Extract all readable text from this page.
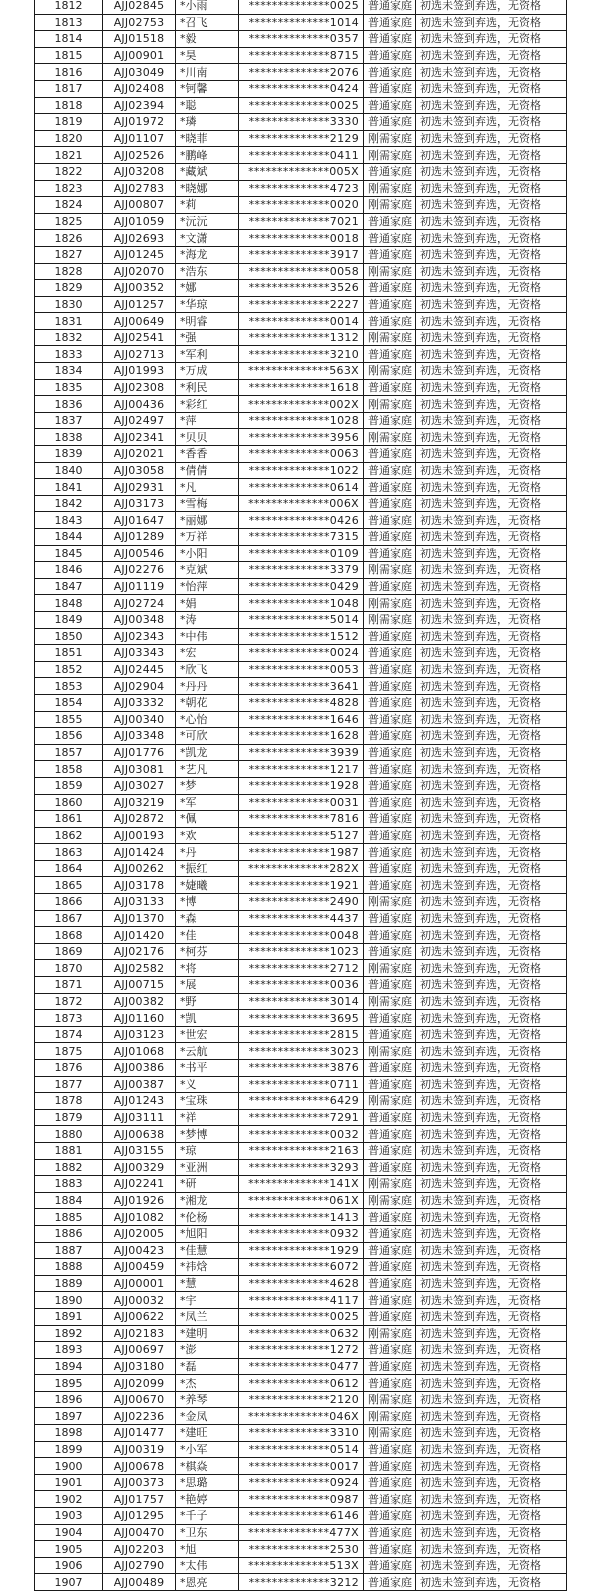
1812	AJJ02845	*小雨	**************0025	普通家庭	初选未签到弃选，无资格
1813	AJJ02753	*召飞	**************1014	普通家庭	初选未签到弃选，无资格
1814	AJJ01518	*毅	**************0357	普通家庭	初选未签到弃选，无资格
1815	AJJ00901	*昊	**************8715	普通家庭	初选未签到弃选，无资格
1816	AJJ03049	*川南	**************2076	普通家庭	初选未签到弃选，无资格
1817	AJJ02408	*钶馨	**************0424	普通家庭	初选未签到弃选，无资格
1818	AJJ02394	*聪	**************0025	普通家庭	初选未签到弃选，无资格
1819	AJJ01972	*璘	**************3330	普通家庭	初选未签到弃选，无资格
1820	AJJ01107	*晓菲	**************2129	刚需家庭	初选未签到弃选，无资格
1821	AJJ02526	*鹏峰	**************0411	刚需家庭	初选未签到弃选，无资格
1822	AJJ03208	*藏斌	**************005X	普通家庭	初选未签到弃选，无资格
1823	AJJ02783	*晓娜	**************4723	刚需家庭	初选未签到弃选，无资格
1824	AJJ00807	*莉	**************0020	刚需家庭	初选未签到弃选，无资格
1825	AJJ01059	*沅沅	**************7021	普通家庭	初选未签到弃选，无资格
1826	AJJ02693	*文潇	**************0018	普通家庭	初选未签到弃选，无资格
1827	AJJ01245	*海龙	**************3917	普通家庭	初选未签到弃选，无资格
1828	AJJ02070	*浩东	**************0058	刚需家庭	初选未签到弃选，无资格
1829	AJJ00352	*娜	**************3526	普通家庭	初选未签到弃选，无资格
1830	AJJ01257	*华琼	**************2227	普通家庭	初选未签到弃选，无资格
1831	AJJ00649	*明睿	**************0014	普通家庭	初选未签到弃选，无资格
1832	AJJ02541	*强	**************1312	刚需家庭	初选未签到弃选，无资格
1833	AJJ02713	*军利	**************3210	普通家庭	初选未签到弃选，无资格
1834	AJJ01993	*万成	**************563X	刚需家庭	初选未签到弃选，无资格
1835	AJJ02308	*利民	**************1618	普通家庭	初选未签到弃选，无资格
1836	AJJ00436	*彩红	**************002X	刚需家庭	初选未签到弃选，无资格
1837	AJJ02497	*萍	**************1028	普通家庭	初选未签到弃选，无资格
1838	AJJ02341	*贝贝	**************3956	刚需家庭	初选未签到弃选，无资格
1839	AJJ02021	*香香	**************0063	普通家庭	初选未签到弃选，无资格
1840	AJJ03058	*倩倩	**************1022	普通家庭	初选未签到弃选，无资格
1841	AJJ02931	*凡	**************0614	普通家庭	初选未签到弃选，无资格
1842	AJJ03173	*雪梅	**************006X	普通家庭	初选未签到弃选，无资格
1843	AJJ01647	*丽娜	**************0426	普通家庭	初选未签到弃选，无资格
1844	AJJ01289	*万祥	**************7315	普通家庭	初选未签到弃选，无资格
1845	AJJ00546	*小阳	**************0109	普通家庭	初选未签到弃选，无资格
1846	AJJ02276	*克斌	**************3379	刚需家庭	初选未签到弃选，无资格
1847	AJJ01119	*怡萍	**************0429	普通家庭	初选未签到弃选，无资格
1848	AJJ02724	*娟	**************1048	刚需家庭	初选未签到弃选，无资格
1849	AJJ00348	*涛	**************5014	刚需家庭	初选未签到弃选，无资格
1850	AJJ02343	*中伟	**************1512	普通家庭	初选未签到弃选，无资格
1851	AJJ03343	*宏	**************0024	普通家庭	初选未签到弃选，无资格
1852	AJJ02445	*欣飞	**************0053	普通家庭	初选未签到弃选，无资格
1853	AJJ02904	*丹丹	**************3641	普通家庭	初选未签到弃选，无资格
1854	AJJ03332	*朝花	**************4828	普通家庭	初选未签到弃选，无资格
1855	AJJ00340	*心怡	**************1646	普通家庭	初选未签到弃选，无资格
1856	AJJ03348	*可欣	**************1628	普通家庭	初选未签到弃选，无资格
1857	AJJ01776	*凯龙	**************3939	普通家庭	初选未签到弃选，无资格
1858	AJJ03081	*艺凡	**************1217	普通家庭	初选未签到弃选，无资格
1859	AJJ03027	*梦	**************1928	普通家庭	初选未签到弃选，无资格
1860	AJJ03219	*军	**************0031	普通家庭	初选未签到弃选，无资格
1861	AJJ02872	*佩	**************7816	普通家庭	初选未签到弃选，无资格
1862	AJJ00193	*欢	**************5127	普通家庭	初选未签到弃选，无资格
1863	AJJ01424	*丹	**************1987	普通家庭	初选未签到弃选，无资格
1864	AJJ00262	*振红	**************282X	普通家庭	初选未签到弃选，无资格
1865	AJJ03178	*婕曦	**************1921	普通家庭	初选未签到弃选，无资格
1866	AJJ03133	*博	**************2490	刚需家庭	初选未签到弃选，无资格
1867	AJJ01370	*森	**************4437	普通家庭	初选未签到弃选，无资格
1868	AJJ01420	*佳	**************0048	普通家庭	初选未签到弃选，无资格
1869	AJJ02176	*柯芬	**************1023	普通家庭	初选未签到弃选，无资格
1870	AJJ02582	*将	**************2712	刚需家庭	初选未签到弃选，无资格
1871	AJJ00715	*展	**************0036	普通家庭	初选未签到弃选，无资格
1872	AJJ00382	*野	**************3014	刚需家庭	初选未签到弃选，无资格
1873	AJJ01160	*凯	**************3695	普通家庭	初选未签到弃选，无资格
1874	AJJ03123	*世宏	**************2815	普通家庭	初选未签到弃选，无资格
1875	AJJ01068	*云航	**************3023	刚需家庭	初选未签到弃选，无资格
1876	AJJ00386	*书平	**************3876	普通家庭	初选未签到弃选，无资格
1877	AJJ00387	*义	**************0711	普通家庭	初选未签到弃选，无资格
1878	AJJ01243	*宝珠	**************6429	刚需家庭	初选未签到弃选，无资格
1879	AJJ03111	*祥	**************7291	普通家庭	初选未签到弃选，无资格
1880	AJJ00638	*梦博	**************0032	普通家庭	初选未签到弃选，无资格
1881	AJJ03155	*琼	**************2163	普通家庭	初选未签到弃选，无资格
1882	AJJ00329	*亚洲	**************3293	普通家庭	初选未签到弃选，无资格
1883	AJJ02241	*研	**************141X	刚需家庭	初选未签到弃选，无资格
1884	AJJ01926	*湘龙	**************061X	刚需家庭	初选未签到弃选，无资格
1885	AJJ01082	*伦杨	**************1413	普通家庭	初选未签到弃选，无资格
1886	AJJ02005	*旭阳	**************0932	普通家庭	初选未签到弃选，无资格
1887	AJJ00423	*佳慧	**************1929	普通家庭	初选未签到弃选，无资格
1888	AJJ00459	*祎焓	**************6072	普通家庭	初选未签到弃选，无资格
1889	AJJ00001	*慧	**************4628	普通家庭	初选未签到弃选，无资格
1890	AJJ00032	*宇	**************4117	普通家庭	初选未签到弃选，无资格
1891	AJJ00622	*凤兰	**************0025	普通家庭	初选未签到弃选，无资格
1892	AJJ02183	*建明	**************0632	刚需家庭	初选未签到弃选，无资格
1893	AJJ00697	*澎	**************1272	普通家庭	初选未签到弃选，无资格
1894	AJJ03180	*磊	**************0477	普通家庭	初选未签到弃选，无资格
1895	AJJ02099	*杰	**************0612	普通家庭	初选未签到弃选，无资格
1896	AJJ00670	*养琴	**************2120	刚需家庭	初选未签到弃选，无资格
1897	AJJ02236	*金凤	**************046X	刚需家庭	初选未签到弃选，无资格
1898	AJJ01477	*建旺	**************3310	刚需家庭	初选未签到弃选，无资格
1899	AJJ00319	*小军	**************0514	普通家庭	初选未签到弃选，无资格
1900	AJJ00678	*棋焱	**************0017	普通家庭	初选未签到弃选，无资格
1901	AJJ00373	*思璐	**************0924	普通家庭	初选未签到弃选，无资格
1902	AJJ01757	*艳婷	**************0987	普通家庭	初选未签到弃选，无资格
1903	AJJ01295	*千子	**************6146	普通家庭	初选未签到弃选，无资格
1904	AJJ00470	*卫东	**************477X	普通家庭	初选未签到弃选，无资格
1905	AJJ02203	*旭	**************2530	普通家庭	初选未签到弃选，无资格
1906	AJJ02790	*太伟	**************513X	普通家庭	初选未签到弃选，无资格
1907	AJJ00489	*恩亮	**************3212	普通家庭	初选未签到弃选，无资格
